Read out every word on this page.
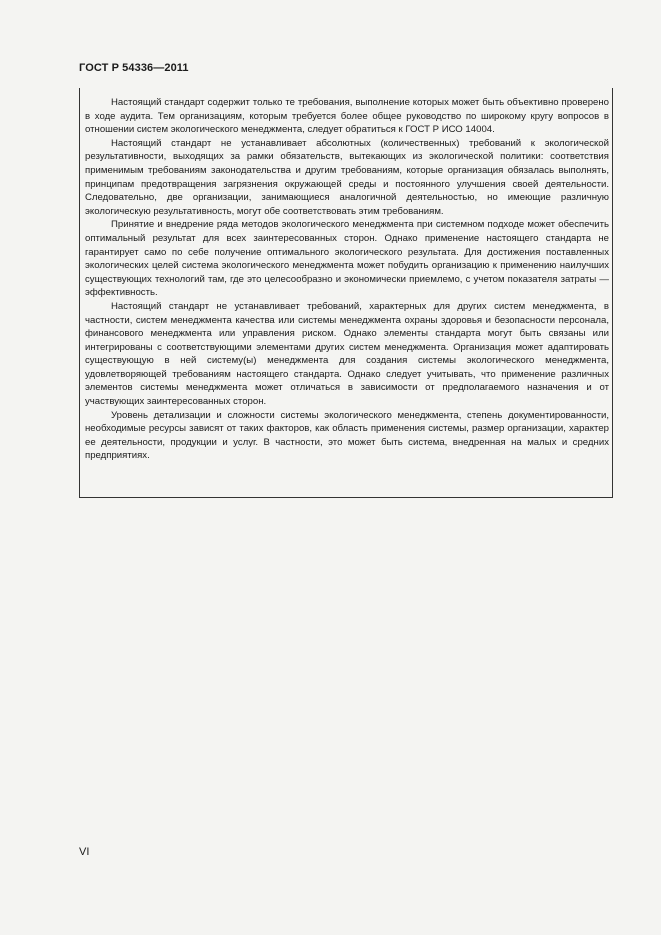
ГОСТ Р 54336—2011

Настоящий стандарт содержит только те требования, выполнение которых может быть объективно проверено в ходе аудита. Тем организациям, которым требуется более общее руководство по широкому кругу вопросов в отношении систем экологического менеджмента, следует обратиться к ГОСТ Р ИСО 14004.

Настоящий стандарт не устанавливает абсолютных (количественных) требований к экологической результативности, выходящих за рамки обязательств, вытекающих из экологической политики: соответствия применимым требованиям законодательства и другим требованиям, которые организация обязалась выполнять, принципам предотвращения загрязнения окружающей среды и постоянного улучшения своей деятельности. Следовательно, две организации, занимающиеся аналогичной деятельностью, но имеющие различную экологическую результативность, могут обе соответствовать этим требованиям.

Принятие и внедрение ряда методов экологического менеджмента при системном подходе может обеспечить оптимальный результат для всех заинтересованных сторон. Однако применение настоящего стандарта не гарантирует само по себе получение оптимального экологического результата. Для достижения поставленных экологических целей система экологического менеджмента может побудить организацию к применению наилучших существующих технологий там, где это целесообразно и экономически приемлемо, с учетом показателя затраты — эффективность.

Настоящий стандарт не устанавливает требований, характерных для других систем менеджмента, в частности, систем менеджмента качества или системы менеджмента охраны здоровья и безопасности персонала, финансового менеджмента или управления риском. Однако элементы стандарта могут быть связаны или интегрированы с соответствующими элементами других систем менеджмента. Организация может адаптировать существующую в ней систему(ы) менеджмента для создания системы экологического менеджмента, удовлетворяющей требованиям настоящего стандарта. Однако следует учитывать, что применение различных элементов системы менеджмента может отличаться в зависимости от предполагаемого назначения и от участвующих заинтересованных сторон.

Уровень детализации и сложности системы экологического менеджмента, степень документированности, необходимые ресурсы зависят от таких факторов, как область применения системы, размер организации, характер ее деятельности, продукции и услуг. В частности, это может быть система, внедренная на малых и средних предприятиях.

VI
